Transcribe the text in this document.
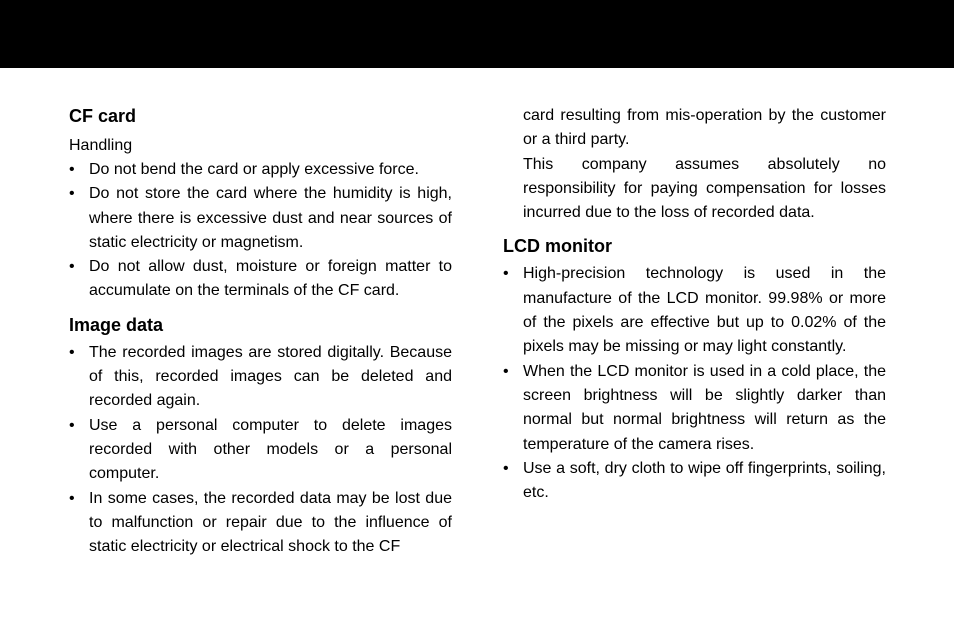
CF card
Handling
• Do not bend the card or apply excessive force.
• Do not store the card where the humidity is high, where there is excessive dust and near sources of static electricity or magnetism.
• Do not allow dust, moisture or foreign matter to accumulate on the terminals of the CF card.
Image data
• The recorded images are stored digitally. Because of this, recorded images can be deleted and recorded again.
• Use a personal computer to delete images recorded with other models or a personal computer.
• In some cases, the recorded data may be lost due to malfunction or repair due to the influence of static electricity or electrical shock to the CF
card resulting from mis-operation by the customer or a third party.
This company assumes absolutely no responsibility for paying compensation for losses incurred due to the loss of recorded data.
LCD monitor
• High-precision technology is used in the manufacture of the LCD monitor. 99.98% or more of the pixels are effective but up to 0.02% of the pixels may be missing or may light constantly.
• When the LCD monitor is used in a cold place, the screen brightness will be slightly darker than normal but normal brightness will return as the temperature of the camera rises.
• Use a soft, dry cloth to wipe off fingerprints, soiling, etc.
